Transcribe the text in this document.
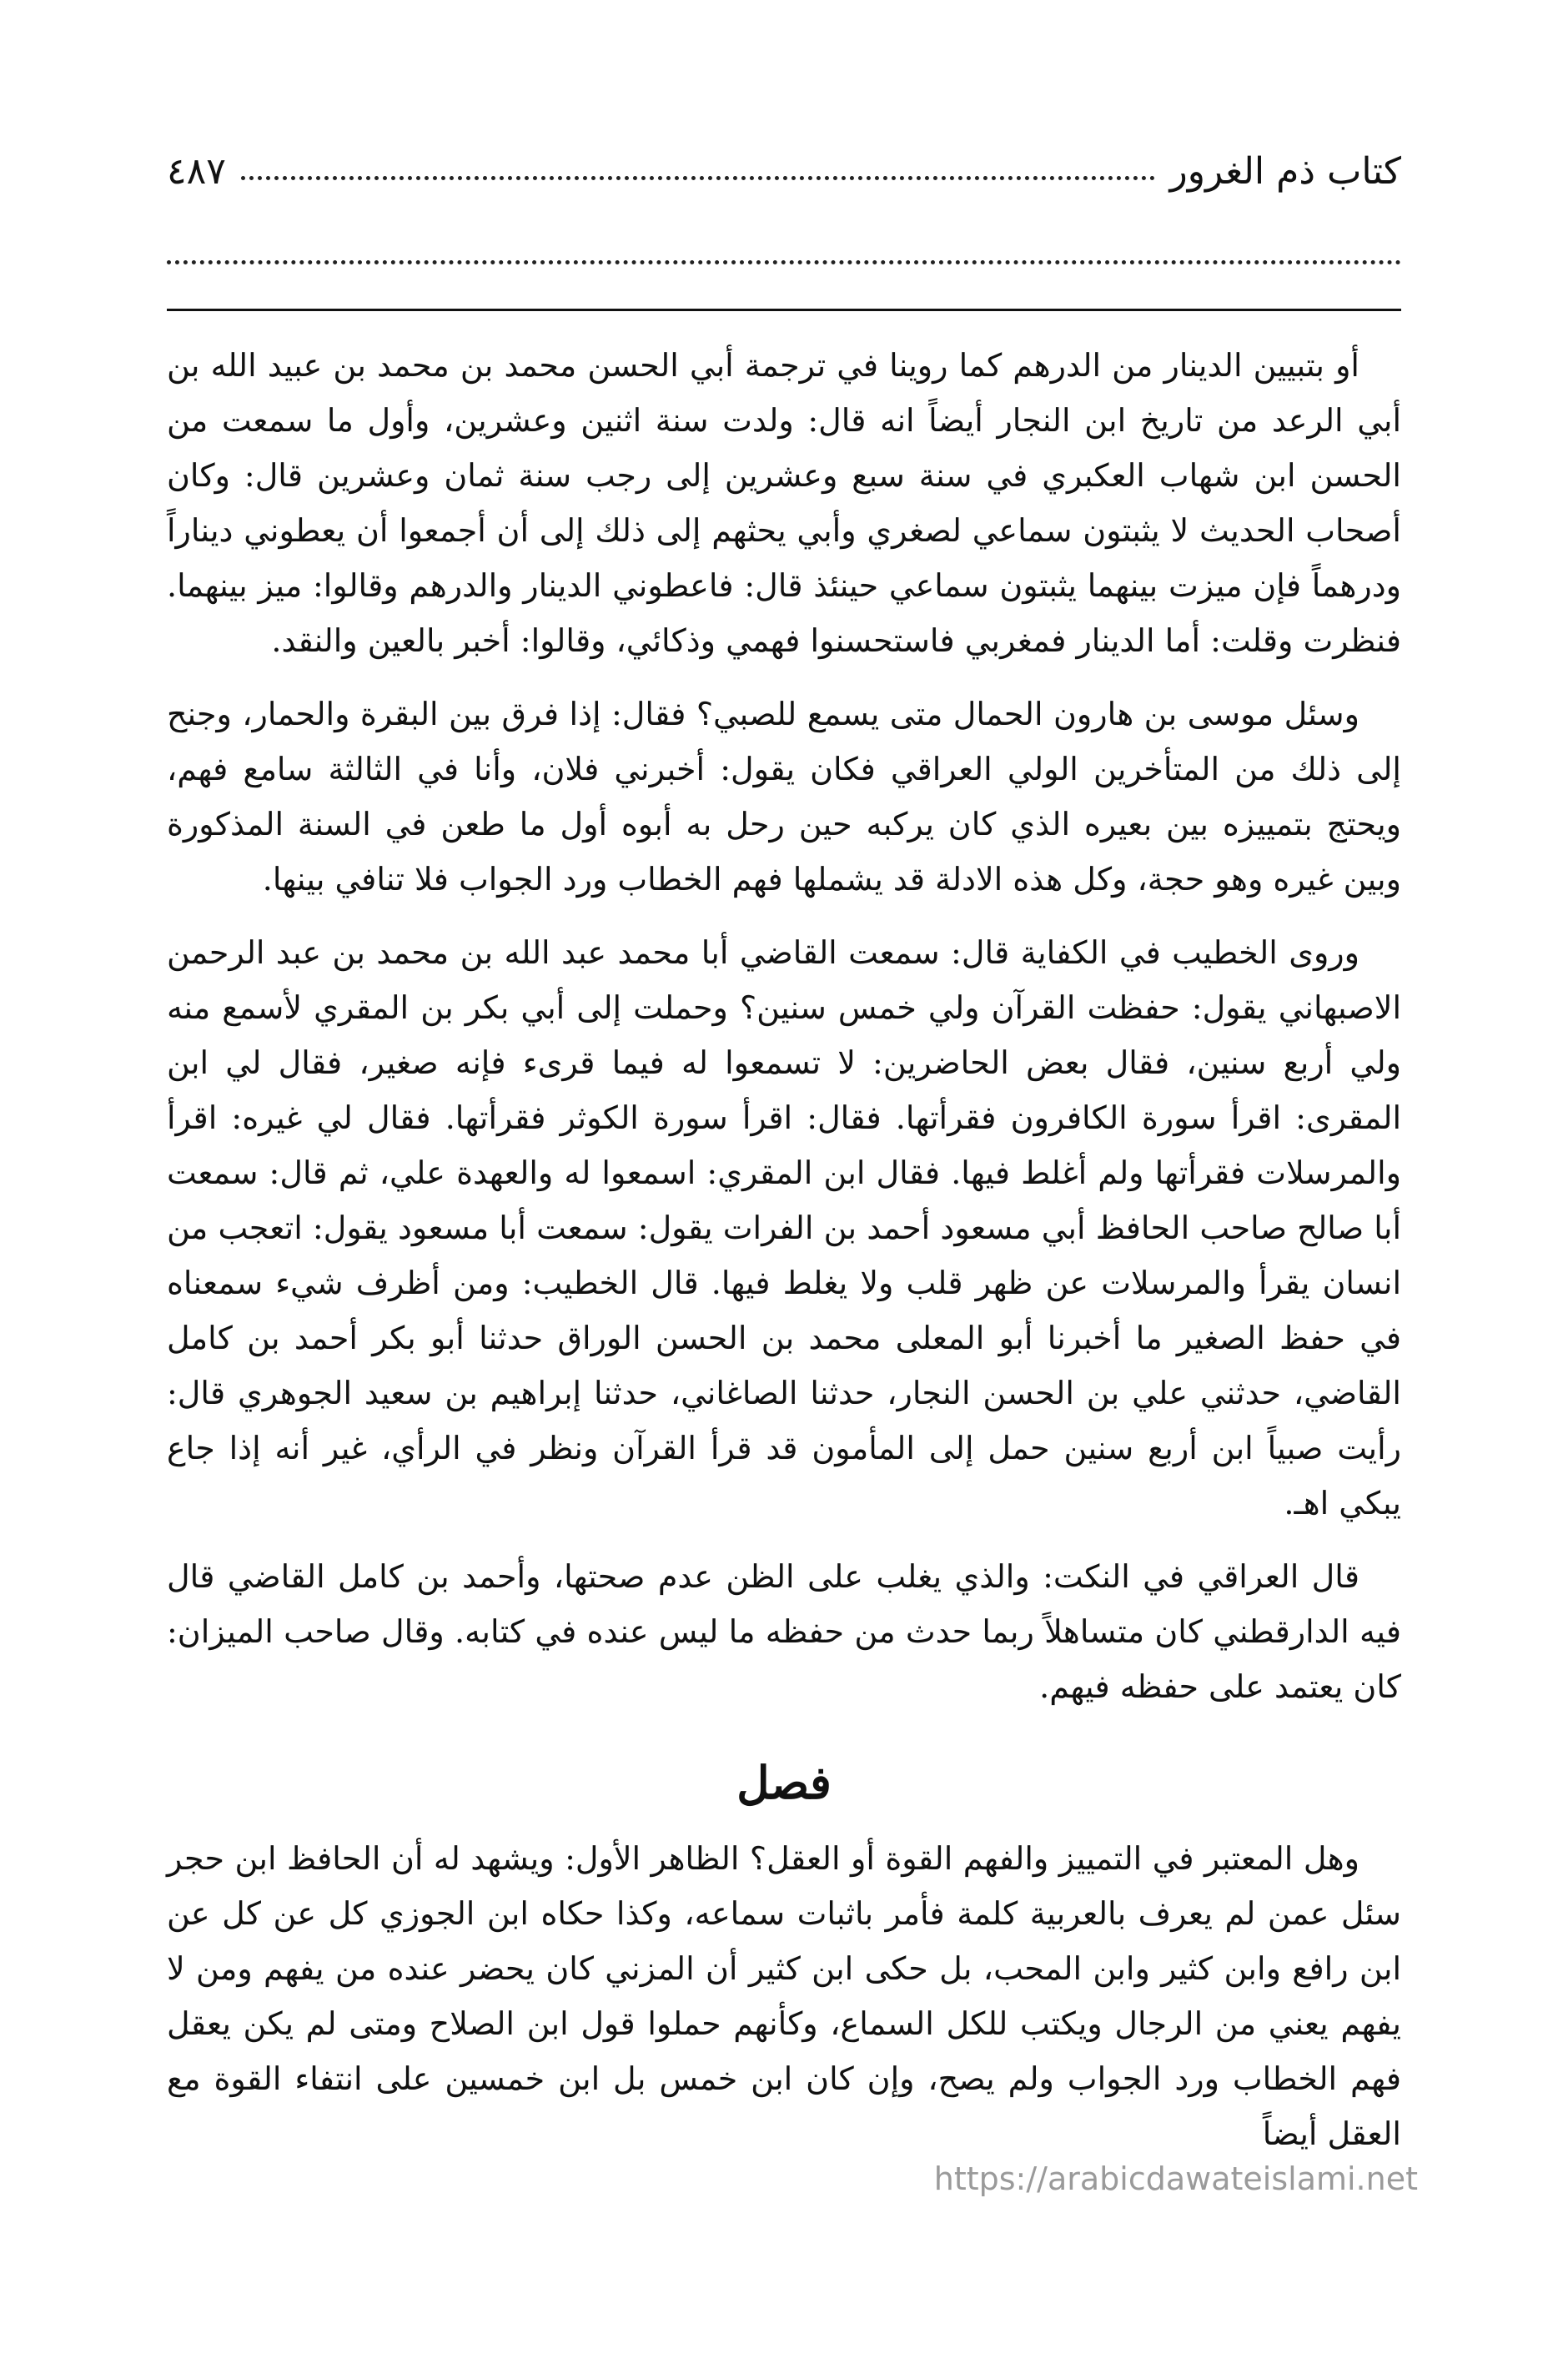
كتاب ذم الغرور
٤٨٧

أو بتبيين الدينار من الدرهم كما روينا في ترجمة أبي الحسن محمد بن محمد بن عبيد الله بن أبي الرعد من تاريخ ابن النجار أيضاً انه قال: ولدت سنة اثنين وعشرين، وأول ما سمعت من الحسن ابن شهاب العكبري في سنة سبع وعشرين إلى رجب سنة ثمان وعشرين قال: وكان أصحاب الحديث لا يثبتون سماعي لصغري وأبي يحثهم إلى ذلك إلى أن أجمعوا أن يعطوني ديناراً ودرهماً فإن ميزت بينهما يثبتون سماعي حينئذ قال: فاعطوني الدينار والدرهم وقالوا: ميز بينهما. فنظرت وقلت: أما الدينار فمغربي فاستحسنوا فهمي وذكائي، وقالوا: أخبر بالعين والنقد.

وسئل موسى بن هارون الحمال متى يسمع للصبي؟ فقال: إذا فرق بين البقرة والحمار، وجنح إلى ذلك من المتأخرين الولي العراقي فكان يقول: أخبرني فلان، وأنا في الثالثة سامع فهم، ويحتج بتمييزه بين بعيره الذي كان يركبه حين رحل به أبوه أول ما طعن في السنة المذكورة وبين غيره وهو حجة، وكل هذه الادلة قد يشملها فهم الخطاب ورد الجواب فلا تنافي بينها.

وروى الخطيب في الكفاية قال: سمعت القاضي أبا محمد عبد الله بن محمد بن عبد الرحمن الاصبهاني يقول: حفظت القرآن ولي خمس سنين؟ وحملت إلى أبي بكر بن المقري لأسمع منه ولي أربع سنين، فقال بعض الحاضرين: لا تسمعوا له فيما قرىء فإنه صغير، فقال لي ابن المقرى: اقرأ سورة الكافرون فقرأتها. فقال: اقرأ سورة الكوثر فقرأتها. فقال لي غيره: اقرأ والمرسلات فقرأتها ولم أغلط فيها. فقال ابن المقري: اسمعوا له والعهدة علي، ثم قال: سمعت أبا صالح صاحب الحافظ أبي مسعود أحمد بن الفرات يقول: سمعت أبا مسعود يقول: اتعجب من انسان يقرأ والمرسلات عن ظهر قلب ولا يغلط فيها. قال الخطيب: ومن أظرف شيء سمعناه في حفظ الصغير ما أخبرنا أبو المعلى محمد بن الحسن الوراق حدثنا أبو بكر أحمد بن كامل القاضي، حدثني علي بن الحسن النجار، حدثنا الصاغاني، حدثنا إبراهيم بن سعيد الجوهري قال: رأيت صبياً ابن أربع سنين حمل إلى المأمون قد قرأ القرآن ونظر في الرأي، غير أنه إذا جاع يبكي اهـ.

قال العراقي في النكت: والذي يغلب على الظن عدم صحتها، وأحمد بن كامل القاضي قال فيه الدارقطني كان متساهلاً ربما حدث من حفظه ما ليس عنده في كتابه. وقال صاحب الميزان: كان يعتمد على حفظه فيهم.

فصل

وهل المعتبر في التمييز والفهم القوة أو العقل؟ الظاهر الأول: ويشهد له أن الحافظ ابن حجر سئل عمن لم يعرف بالعربية كلمة فأمر باثبات سماعه، وكذا حكاه ابن الجوزي كل عن كل عن ابن رافع وابن كثير وابن المحب، بل حكى ابن كثير أن المزني كان يحضر عنده من يفهم ومن لا يفهم يعني من الرجال ويكتب للكل السماع، وكأنهم حملوا قول ابن الصلاح ومتى لم يكن يعقل فهم الخطاب ورد الجواب ولم يصح، وإن كان ابن خمس بل ابن خمسين على انتفاء القوة مع العقل أيضاً

https://arabicdawateislami.net
